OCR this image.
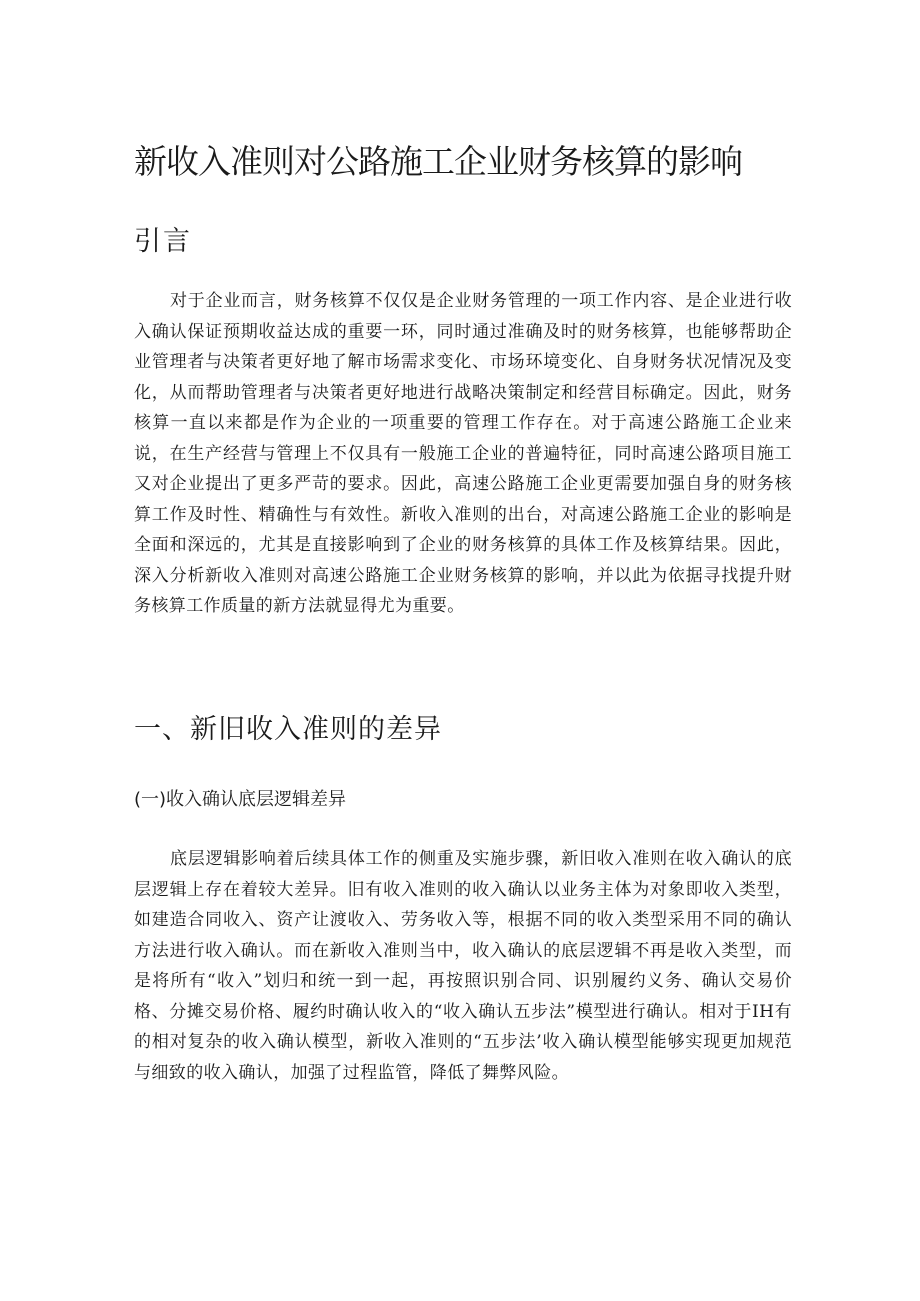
新收入准则对公路施工企业财务核算的影响
引言

对于企业而言，财务核算不仅仅是企业财务管理的一项工作内容、是企业进行收入确认保证预期收益达成的重要一环，同时通过准确及时的财务核算，也能够帮助企业管理者与决策者更好地了解市场需求变化、市场环境变化、自身财务状况情况及变化，从而帮助管理者与决策者更好地进行战略决策制定和经营目标确定。因此，财务核算一直以来都是作为企业的一项重要的管理工作存在。对于高速公路施工企业来说，在生产经营与管理上不仅具有一般施工企业的普遍特征，同时高速公路项目施工又对企业提出了更多严苛的要求。因此，高速公路施工企业更需要加强自身的财务核算工作及时性、精确性与有效性。新收入准则的出台，对高速公路施工企业的影响是全面和深远的，尤其是直接影响到了企业的财务核算的具体工作及核算结果。因此，深入分析新收入准则对高速公路施工企业财务核算的影响，并以此为依据寻找提升财务核算工作质量的新方法就显得尤为重要。

一、新旧收入准则的差异
(一)收入确认底层逻辑差异

底层逻辑影响着后续具体工作的侧重及实施步骤，新旧收入准则在收入确认的底层逻辑上存在着较大差异。旧有收入准则的收入确认以业务主体为对象即收入类型，如建造合同收入、资产让渡收入、劳务收入等，根据不同的收入类型采用不同的确认方法进行收入确认。而在新收入准则当中，收入确认的底层逻辑不再是收入类型，而是将所有“收入”划归和统一到一起，再按照识别合同、识别履约义务、确认交易价格、分摊交易价格、履约时确认收入的“收入确认五步法”模型进行确认。相对于IH有的相对复杂的收入确认模型，新收入准则的“五步法’收入确认模型能够实现更加规范与细致的收入确认，加强了过程监管，降低了舞弊风险。
